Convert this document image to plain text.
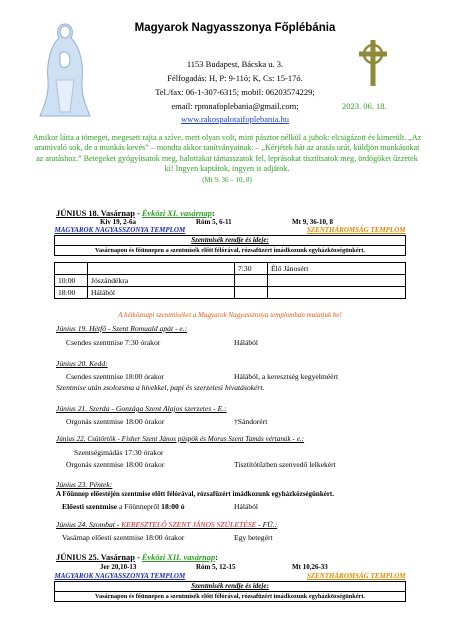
Magyarok Nagyasszonya Főplébánia
1153 Budapest, Bácska u. 3.
Félfogadás: H, P: 9-11ó; K, Cs: 15-17ó.
Tel./fax: 06-1-307-6315; mobil: 06203574229;
email: rpmnafoplebania@gmail.com;
www.rakospalotaifoplebania.hu
2023. 06. 18.
Amikor látta a tömeget, megesett rajta a szíve, mert olyan volt, mint pásztor nélkül a juhok: elcsigázott és kimerült. „Az aratnivaló sok, de a munkás kevés” – mondta akkor tanítványainak. – „Kérjétek hát az aratás urát, küldjön munkásokat az aratáshoz.” Betegeket gyógyítsatok meg, halottakat támasszatok fel, leprásokat tisztítsatok meg, ördögöket űzzetek ki! Ingyen kaptátok, ingyen is adjátok.
(Mt 9, 36 – 10, 8)
JÚNIUS 18. Vasárnap - Évközi XI. vasárnap:
Kiv 19, 2-6a	Róm 5, 6-11	Mt 9, 36-10, 8
MAGYAROK NAGYASSZONYA TEMPLOM	SZENTHÁROMSÁG TEMPLOM
Szentmisék rendje és ideje:
Vasárnapon és főünnepen a szentmisék előtt félórával, rózsafüzért imádkozunk egyházközségünkért.
		7:30	Élő Jánosért
10:00	Jószándékra		
18:00	Hálából		
A hétköznapi szentmiséket a Magyarok Nagyasszonya templomban mutatjuk be!
Június 19. Hétfő - Szent Romuald apát - e.:
Csendes szentmise 7:30 órakor	Hálából
Június 20. Kedd:
Csendes szentmise 18:00 órakor	Hálából, a keresztség kegyelméért
Szentmise után zsolozsma a hívekkel, papi és szerzetesi hivatásokért.
Június 21. Szerda - Gonzága Szent Alajos szerzetes - E.:
Orgonás szentmise 18:00 órakor	†Sándorért
Június 22. Csütörtök - Fisher Szent János püspök és Morus Szent Tamás vértanúk - e.:
Szentségimádás 17:30 órakor
Orgonás szentmise 18:00 órakor	Tisztítótűzben szenvedő lelkekért
Június 23. Péntek:
A Főünnep előestéjén szentmise előtt félórával, rózsafüzért imádkozunk egyházközségünkért.
Előesti szentmise a Főünnepről 18:00 ó	Hálából
Június 24. Szombat - KERESZTELŐ SZENT JÁNOS SZÜLETÉSE - FÜ.:
Vasárnap előesti szentmise 18:00 órakor	Egy betegért
JÚNIUS 25. Vasárnap - Évközi XII. vasárnap:
Jer 20,10-13	Róm 5, 12-15	Mt 10,26-33
MAGYAROK NAGYASSZONYA TEMPLOM	SZENTHÁROMSÁG TEMPLOM
Szentmisék rendje és ideje:
Vasárnapon és főünnepen a szentmisék előtt félórával, rózsafüzért imádkozunk egyházközségünkért.
